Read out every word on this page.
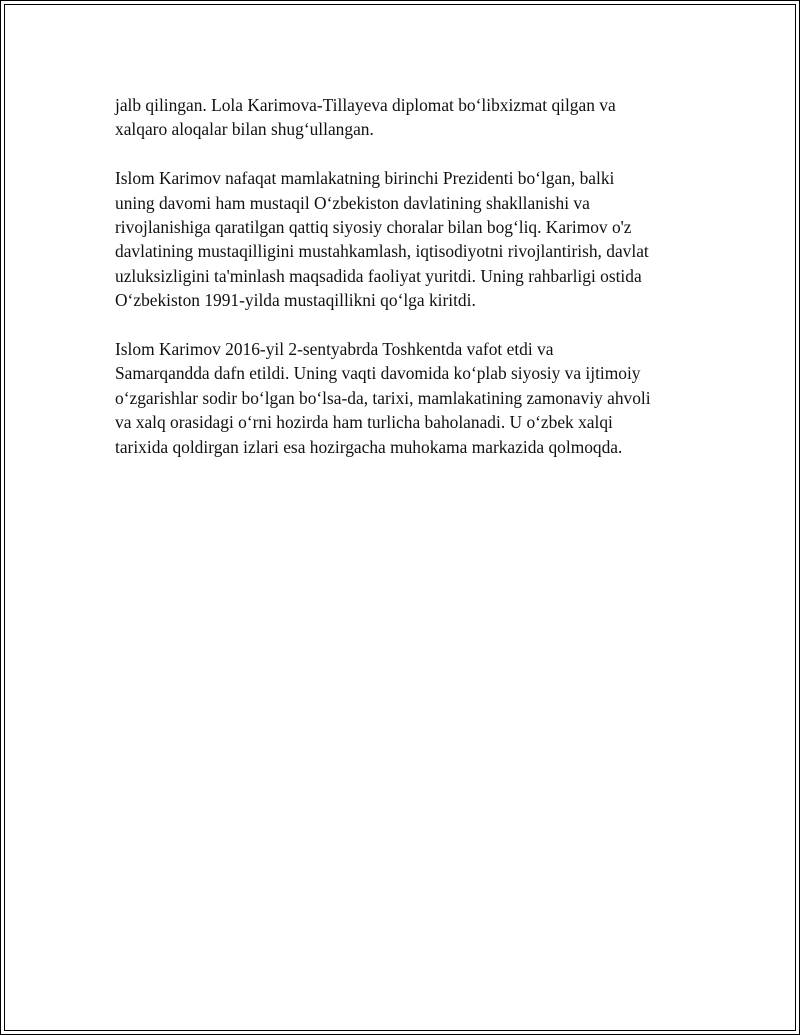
jalb qilingan. Lola Karimova-Tillayeva diplomat bo‘libxizmat qilgan va
xalqaro aloqalar bilan shug‘ullangan.

Islom Karimov nafaqat mamlakatning birinchi Prezidenti bo‘lgan, balki
uning davomi ham mustaqil O‘zbekiston davlatining shakllanishi va
rivojlanishiga qaratilgan qattiq siyosiy choralar bilan bog‘liq. Karimov o'z
davlatining mustaqilligini mustahkamlash, iqtisodiyotni rivojlantirish, davlat
uzluksizligini ta'minlash maqsadida faoliyat yuritdi. Uning rahbarligi ostida
O‘zbekiston 1991-yilda mustaqillikni qo‘lga kiritdi.

Islom Karimov 2016-yil 2-sentyabrda Toshkentda vafot etdi va
Samarqandda dafn etildi. Uning vaqti davomida ko‘plab siyosiy va ijtimoiy
o‘zgarishlar sodir bo‘lgan bo‘lsa-da, tarixi, mamlakatining zamonaviy ahvoli
va xalq orasidagi o‘rni hozirda ham turlicha baholanadi. U o‘zbek xalqi
tarixida qoldirgan izlari esa hozirgacha muhokama markazida qolmoqda.
